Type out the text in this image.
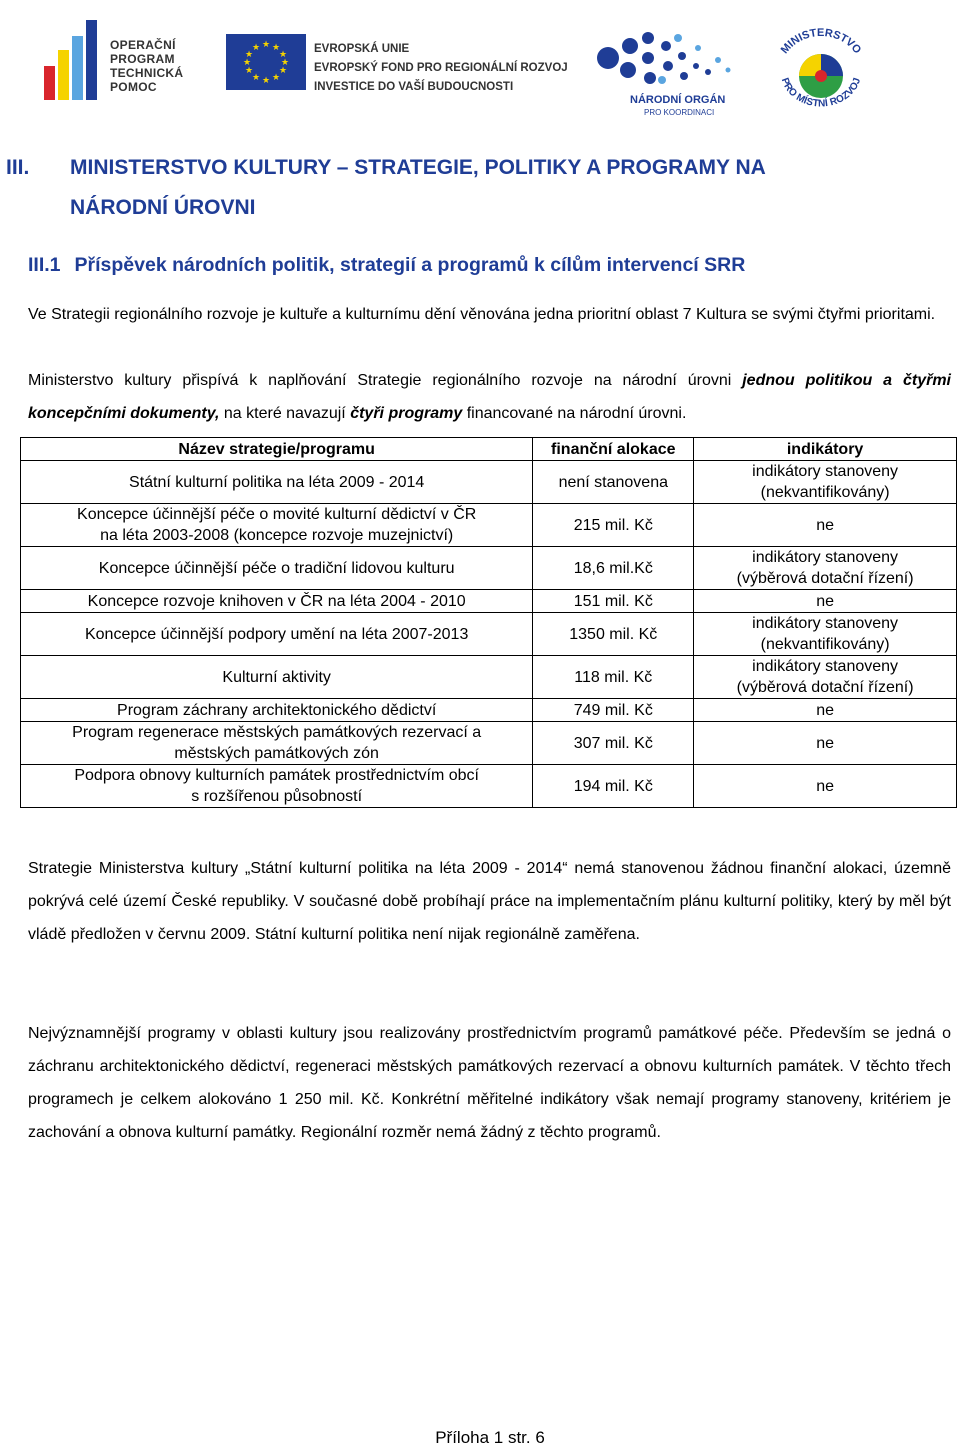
OPERAČNÍ
PROGRAM
TECHNICKÁ
POMOC
★ ★
★
★
★
★
★
★
★
★
★
★	EVROPSKÁ UNIE
EVROPSKÝ FOND PRO REGIONÁLNÍ ROZVOJ
INVESTICE DO VAŠÍ BUDOUCNOSTI
NÁRODNÍ ORGÁN
PRO KOORDINACI
MINISTERSTVO
PRO MÍSTNÍ ROZVOJ
III. MINISTERSTVO KULTURY – STRATEGIE, POLITIKY A PROGRAMY NA
NÁRODNÍ ÚROVNI
III.1 Příspěvek národních politik, strategií a programů k cílům intervencí SRR
Ve Strategii regionálního rozvoje je kultuře a kulturnímu dění věnována jedna prioritní oblast 7 Kultura se svými čtyřmi prioritami.
Ministerstvo kultury přispívá k naplňování Strategie regionálního rozvoje na národní úrovni jednou politikou a čtyřmi koncepčními dokumenty, na které navazují čtyři programy financované na národní úrovni.
Název strategie/programu	finanční alokace	indikátory

Státní kulturní politika na léta 2009 - 2014	není stanovena	indikátory stanoveny
(nekvantifikovány)

Koncepce účinnější péče o movité kulturní dědictví v ČR
na léta 2003-2008 (koncepce rozvoje muzejnictví)	215 mil. Kč	ne

Koncepce účinnější péče o tradiční lidovou kulturu	18,6 mil.Kč	indikátory stanoveny
(výběrová dotační řízení)

Koncepce rozvoje knihoven v ČR na léta 2004 - 2010	151 mil. Kč	ne

Koncepce účinnější podpory umění na léta 2007-2013	1350 mil. Kč	indikátory stanoveny
(nekvantifikovány)

Kulturní aktivity	118 mil. Kč	indikátory stanoveny
(výběrová dotační řízení)

Program záchrany architektonického dědictví	749 mil. Kč	ne

Program regenerace městských památkových rezervací a
městských památkových zón	307 mil. Kč	ne

Podpora obnovy kulturních památek prostřednictvím obcí
s rozšířenou působností	194 mil. Kč	ne
Strategie Ministerstva kultury „Státní kulturní politika na léta 2009 - 2014“ nemá stanovenou žádnou finanční alokaci, územně pokrývá celé území České republiky. V současné době probíhají práce na implementačním plánu kulturní politiky, který by měl být vládě předložen v červnu 2009. Státní kulturní politika není nijak regionálně zaměřena.
Nejvýznamnější programy v oblasti kultury jsou realizovány prostřednictvím programů památkové péče. Především se jedná o záchranu architektonického dědictví, regeneraci městských památkových rezervací a obnovu kulturních památek. V těchto třech programech je celkem alokováno 1 250 mil. Kč. Konkrétní měřitelné indikátory však nemají programy stanoveny, kritériem je zachování a obnova kulturní památky. Regionální rozměr nemá žádný z těchto programů.
Příloha 1 str. 6
